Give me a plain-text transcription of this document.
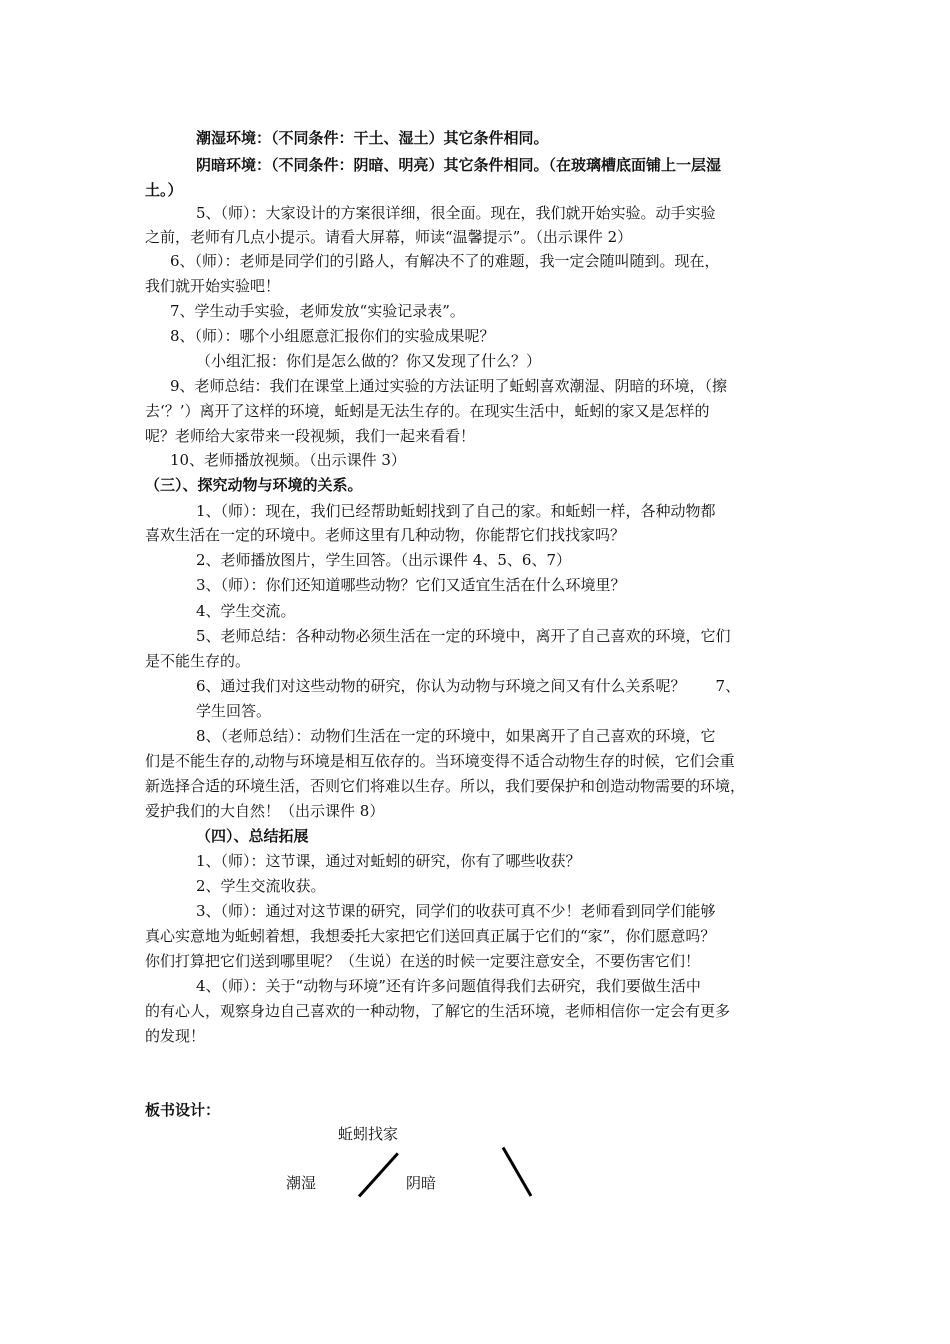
潮湿环境：（不同条件：干土、湿土）其它条件相同。
阴暗环境：（不同条件：阴暗、明亮）其它条件相同。（在玻璃槽底面铺上一层湿
土。）
5、（师）：大家设计的方案很详细，很全面。现在，我们就开始实验。动手实验
之前，老师有几点小提示。请看大屏幕，师读“温馨提示”。（出示课件 2）
6、（师）：老师是同学们的引路人，有解决不了的难题，我一定会随叫随到。现在，
我们就开始实验吧！
7、学生动手实验，老师发放“实验记录表”。
8、（师）：哪个小组愿意汇报你们的实验成果呢？
（小组汇报：你们是怎么做的？你又发现了什么？）
9、老师总结：我们在课堂上通过实验的方法证明了蚯蚓喜欢潮湿、阴暗的环境，（擦
去‘？’）离开了这样的环境，蚯蚓是无法生存的。在现实生活中，蚯蚓的家又是怎样的
呢？老师给大家带来一段视频，我们一起来看看！
10、老师播放视频。（出示课件 3）
（三）、探究动物与环境的关系。
1、（师）：现在，我们已经帮助蚯蚓找到了自己的家。和蚯蚓一样，各种动物都
喜欢生活在一定的环境中。老师这里有几种动物，你能帮它们找找家吗？
2、老师播放图片，学生回答。（出示课件 4、5、6、7）
3、（师）：你们还知道哪些动物？它们又适宜生活在什么环境里？
4、学生交流。
5、老师总结：各种动物必须生活在一定的环境中，离开了自己喜欢的环境，它们
是不能生存的。
6、通过我们对这些动物的研究，你认为动物与环境之间又有什么关系呢？　　7、
学生回答。
8、（老师总结）：动物们生活在一定的环境中，如果离开了自己喜欢的环境，它
们是不能生存的,动物与环境是相互依存的。当环境变得不适合动物生存的时候，它们会重
新选择合适的环境生活，否则它们将难以生存。所以，我们要保护和创造动物需要的环境，
爱护我们的大自然！（出示课件 8）
（四）、总结拓展
1、（师）：这节课，通过对蚯蚓的研究，你有了哪些收获？
2、学生交流收获。
3、（师）：通过对这节课的研究，同学们的收获可真不少！老师看到同学们能够
真心实意地为蚯蚓着想，我想委托大家把它们送回真正属于它们的“家”，你们愿意吗？
你们打算把它们送到哪里呢？（生说）在送的时候一定要注意安全，不要伤害它们！
4、（师）：关于“动物与环境”还有许多问题值得我们去研究，我们要做生活中
的有心人，观察身边自己喜欢的一种动物，了解它的生活环境，老师相信你一定会有更多
的发现！
板书设计：
蚯蚓找家
潮湿	阴暗
